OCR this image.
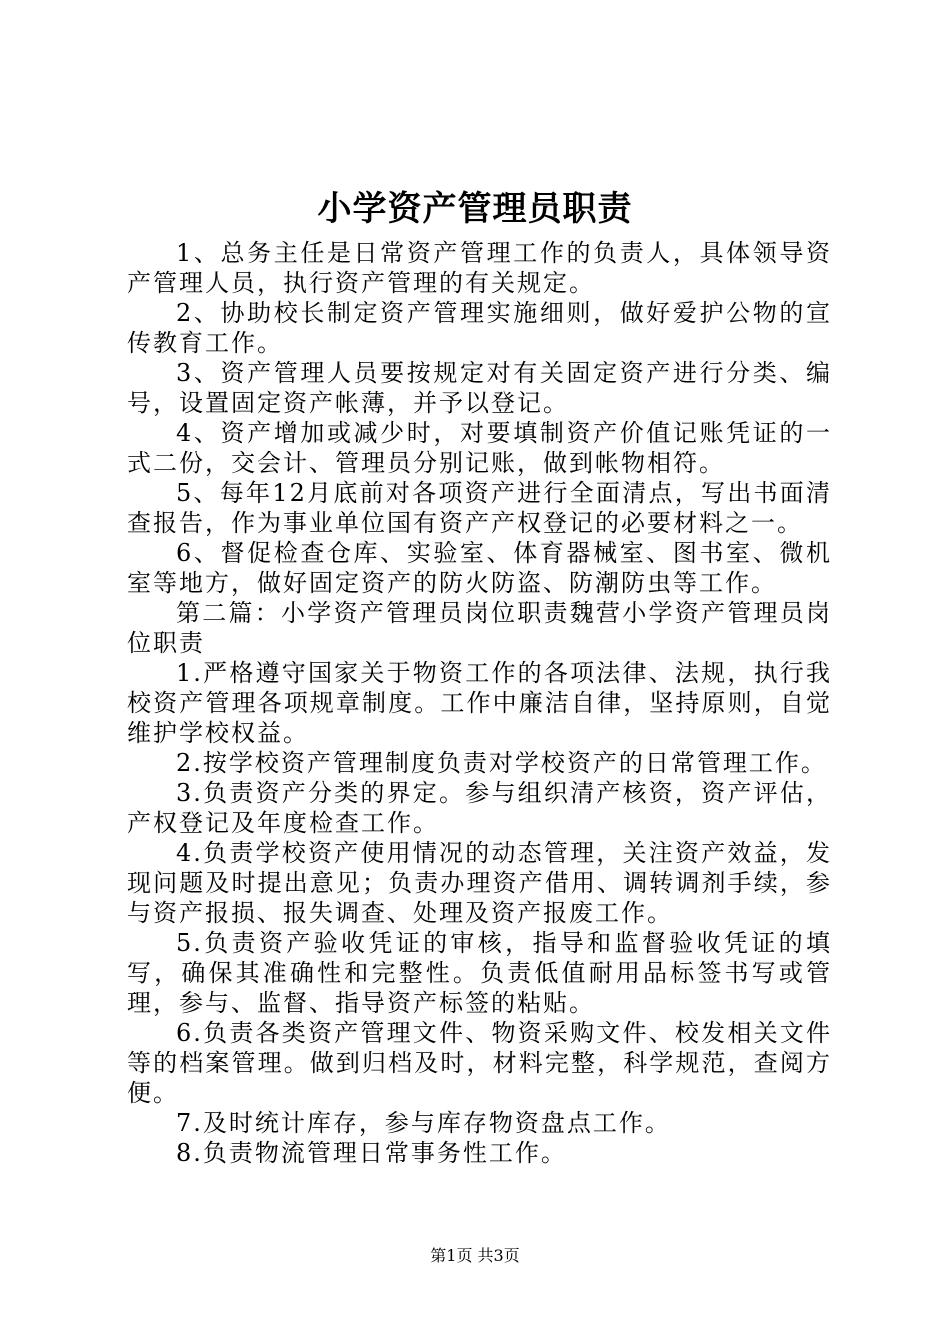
小学资产管理员职责

1、总务主任是日常资产管理工作的负责人，具体领导资产管理人员，执行资产管理的有关规定。

2、协助校长制定资产管理实施细则，做好爱护公物的宣传教育工作。

3、资产管理人员要按规定对有关固定资产进行分类、编号，设置固定资产帐薄，并予以登记。

4、资产增加或减少时，对要填制资产价值记账凭证的一式二份，交会计、管理员分别记账，做到帐物相符。

5、每年12月底前对各项资产进行全面清点，写出书面清查报告，作为事业单位国有资产产权登记的必要材料之一。

6、督促检查仓库、实验室、体育器械室、图书室、微机室等地方，做好固定资产的防火防盗、防潮防虫等工作。

第二篇：小学资产管理员岗位职责魏营小学资产管理员岗位职责

1.严格遵守国家关于物资工作的各项法律、法规，执行我校资产管理各项规章制度。工作中廉洁自律，坚持原则，自觉维护学校权益。

2.按学校资产管理制度负责对学校资产的日常管理工作。

3.负责资产分类的界定。参与组织清产核资，资产评估，产权登记及年度检查工作。

4.负责学校资产使用情况的动态管理，关注资产效益，发现问题及时提出意见；负责办理资产借用、调转调剂手续，参与资产报损、报失调查、处理及资产报废工作。

5.负责资产验收凭证的审核，指导和监督验收凭证的填写，确保其准确性和完整性。负责低值耐用品标签书写或管理，参与、监督、指导资产标签的粘贴。

6.负责各类资产管理文件、物资采购文件、校发相关文件等的档案管理。做到归档及时，材料完整，科学规范，查阅方便。

7.及时统计库存，参与库存物资盘点工作。

8.负责物流管理日常事务性工作。

第1页 共3页
